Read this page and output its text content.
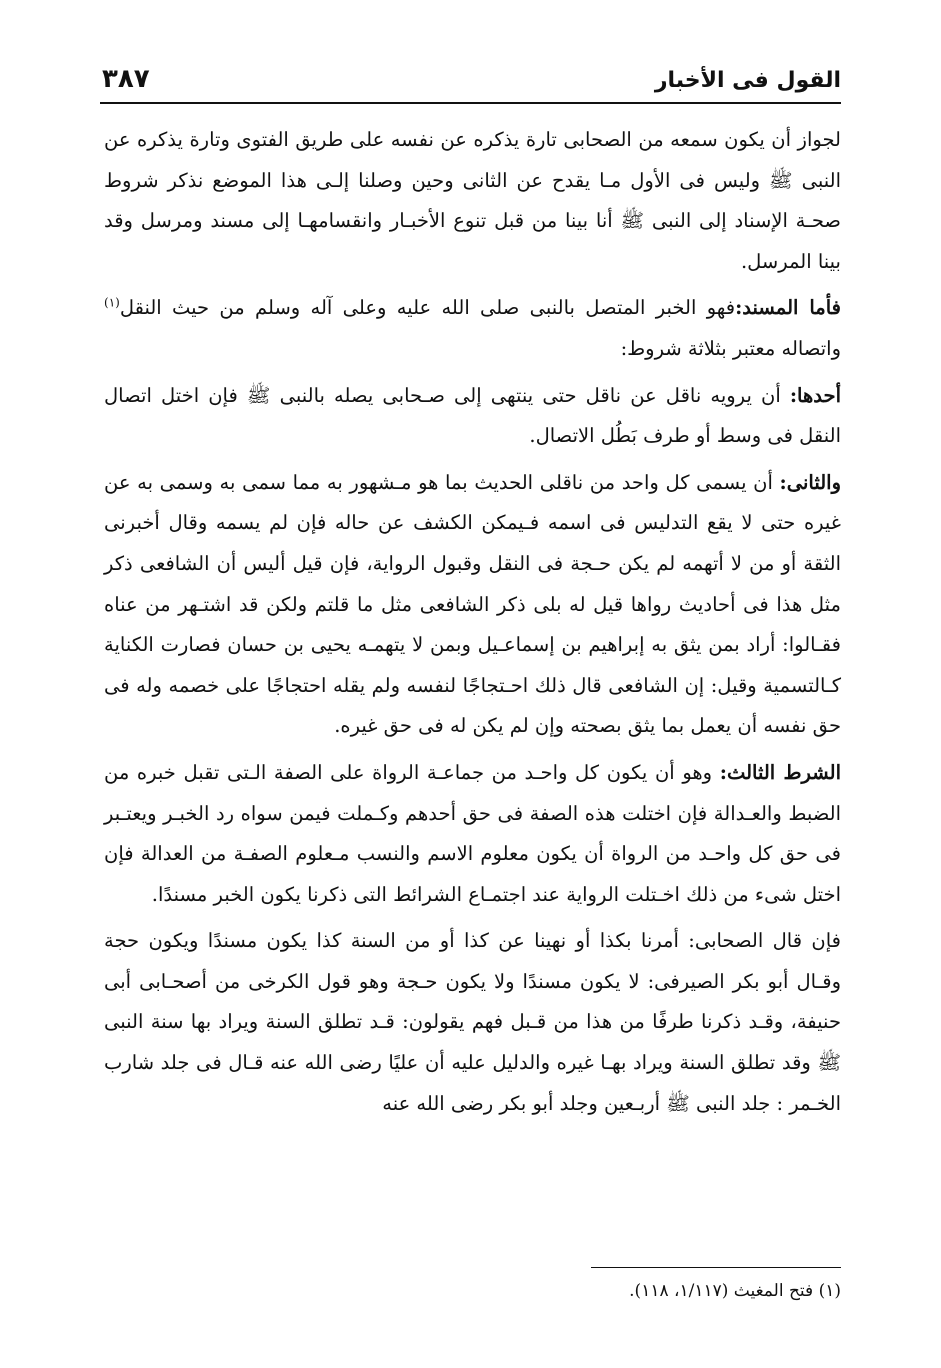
القول فى الأخبار
٣٨٧

لجواز أن يكون سمعه من الصحابى تارة يذكره عن نفسه على طريق الفتوى وتارة يذكره عن النبى ﷺ وليس فى الأول مـا يقدح عن الثانى وحين وصلنا إلـى هذا الموضع نذكر شروط صحـة الإسناد إلى النبى ﷺ أنا بينا من قبل تنوع الأخبـار وانقسامهـا إلى مسند ومرسل وقد بينا المرسل.

فأما المسند:فهو الخبر المتصل بالنبى صلى الله عليه وعلى آله وسلم من حيث النقل$^{(١)}$ واتصاله معتبر بثلاثة شروط:

أحدها: أن يرويه ناقل عن ناقل حتى ينتهى إلى صـحابى يصله بالنبى ﷺ فإن اختل اتصال النقل فى وسط أو طرف بَطُل الاتصال.

والثانى: أن يسمى كل واحد من ناقلى الحديث بما هو مـشهور به مما سمى به وسمى به عن غيره حتى لا يقع التدليس فى اسمه فـيمكن الكشف عن حاله فإن لم يسمه وقال أخبرنى الثقة أو من لا أتهمه لم يكن حـجة فى النقل وقبول الرواية، فإن قيل أليس أن الشافعى ذكر مثل هذا فى أحاديث رواها قيل له بلى ذكر الشافعى مثل ما قلتم ولكن قد اشتـهر من عناه فقـالوا: أراد بمن يثق به إبراهيم بن إسماعـيل وبمن لا يتهمـه يحيى بن حسان فصارت الكناية كـالتسمية وقيل: إن الشافعى قال ذلك احـتجاجًا لنفسه ولم يقله احتجاجًا على خصمه وله فى حق نفسه أن يعمل بما يثق بصحته وإن لم يكن له فى حق غيره.

الشرط الثالث: وهو أن يكون كل واحـد من جماعـة الرواة على الصفة الـتى تقبل خبره من الضبط والعـدالة فإن اختلت هذه الصفة فى حق أحدهم وكـملت فيمن سواه رد الخبـر ويعتـبر فى حق كل واحـد من الرواة أن يكون معلوم الاسم والنسب مـعلوم الصفـة من العدالة فإن اختل شىء من ذلك اخـتلت الرواية عند اجتمـاع الشرائط التى ذكرنا يكون الخبر مسندًا.

فإن قال الصحابى: أمرنا بكذا أو نهينا عن كذا أو من السنة كذا يكون مسندًا ويكون حجة وقـال أبو بكر الصيرفى: لا يكون مسندًا ولا يكون حـجة وهو قول الكرخى من أصحـابى أبى حنيفة، وقـد ذكرنا طرفًا من هذا من قـبل فهم يقولون: قـد تطلق السنة ويراد بها سنة النبى ﷺ وقد تطلق السنة ويراد بهـا غيره والدليل عليه أن عليًا رضى الله عنه قـال فى جلد شارب الخـمر : جلد النبى ﷺ أربـعين وجلد أبو بكر رضى الله عنه

(١) فتح المغيث (١/١١٧، ١١٨).
